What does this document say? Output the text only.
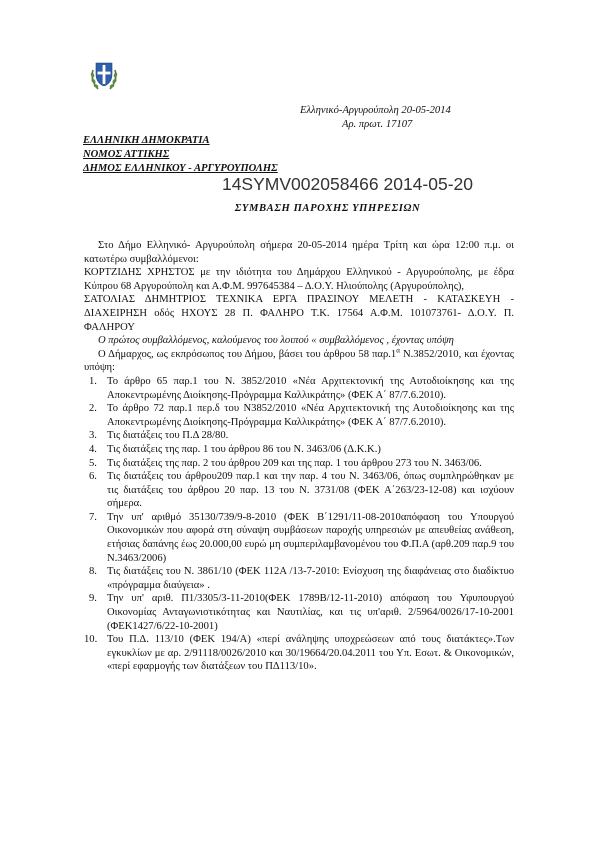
Ελληνικό-Αργυρούπολη 20-05-2014
Αρ. πρωτ. 17107
ΕΛΛΗΝΙΚΗ ΔΗΜΟΚΡΑΤΙΑ
ΝΟΜΟΣ ΑΤΤΙΚΗΣ
ΔΗΜΟΣ ΕΛΛΗΝΙΚΟΥ - ΑΡΓΥΡΟΥΠΟΛΗΣ
14SYMV002058466 2014-05-20
ΣΥΜΒΑΣΗ ΠΑΡΟΧΗΣ ΥΠΗΡΕΣΙΩΝ

Στο Δήμο Ελληνικό- Αργυρούπολη σήμερα 20-05-2014 ημέρα Τρίτη και ώρα 12:00 π.μ. οι κατωτέρω συμβαλλόμενοι:

ΚΟΡΤΖΙΔΗΣ ΧΡΗΣΤΟΣ με την ιδιότητα του Δημάρχου Ελληνικού - Αργυρούπολης, με έδρα Κύπρου 68 Αργυρούπολη και Α.Φ.Μ. 997645384 – Δ.Ο.Υ. Ηλιούπολης (Αργυρούπολης),

ΣΑΤΟΛΙΑΣ ΔΗΜΗΤΡΙΟΣ ΤΕΧΝΙΚΑ ΕΡΓΑ ΠΡΑΣΙΝΟΥ ΜΕΛΕΤΗ - ΚΑΤΑΣΚΕΥΗ - ΔΙΑΧΕΙΡΗΣΗ οδός ΗΧΟΥΣ 28 Π. ΦΑΛΗΡΟ Τ.Κ. 17564 Α.Φ.Μ. 101073761- Δ.Ο.Υ. Π. ΦΑΛΗΡΟΥ

Ο πρώτος συμβαλλόμενος, καλούμενος του λοιπού « συμβαλλόμενος , έχοντας υπόψη

Ο Δήμαρχος, ως εκπρόσωπος του Δήμου, βάσει του άρθρου 58 $\pi\alpha\rho.1^\alpha$ Ν.3852/2010, και έχοντας υπόψη:

1. Το άρθρο 65 παρ.1 του Ν. 3852/2010 «Νέα Αρχιτεκτονική της Αυτοδιοίκησης και της Αποκεντρωμένης Διοίκησης-Πρόγραμμα Καλλικράτης» (ΦΕΚ Α΄ 87/7.6.2010).
2. Το άρθρο 72 παρ.1 περ.δ του Ν3852/2010 «Νέα Αρχιτεκτονική της Αυτοδιοίκησης και της Αποκεντρωμένης Διοίκησης-Πρόγραμμα Καλλικράτης» (ΦΕΚ Α΄ 87/7.6.2010).
3. Τις διατάξεις του Π.Δ 28/80.
4. Τις διατάξεις της παρ. 1 του άρθρου 86 του Ν. 3463/06 (Δ.Κ.Κ.)
5. Τις διατάξεις της παρ. 2 του άρθρου 209 και της παρ. 1 του άρθρου 273 του Ν. 3463/06.
6. Τις διατάξεις του άρθρου209 παρ.1 και την παρ. 4 του Ν. 3463/06, όπως συμπληρώθηκαν με τις διατάξεις του άρθρου 20 παρ. 13 του Ν. 3731/08 (ΦΕΚ Α΄263/23-12-08) και ισχύουν σήμερα.
7. Την υπ' αριθμό 35130/739/9-8-2010 (ΦΕΚ Β΄1291/11-08-2010απόφαση του Υπουργού Οικονομικών που αφορά στη σύναψη συμβάσεων παροχής υπηρεσιών με απευθείας ανάθεση, ετήσιας δαπάνης έως 20.000,00 ευρώ μη συμπεριλαμβανομένου του Φ.Π.Α (αρθ.209 παρ.9 του Ν.3463/2006)
8. Τις διατάξεις του Ν. 3861/10 (ΦΕΚ 112Α /13-7-2010: Ενίσχυση της διαφάνειας στο διαδίκτυο «πρόγραμμα διαύγεια» .
9. Την υπ' αριθ. Π1/3305/3-11-2010(ΦΕΚ 1789Β/12-11-2010) απόφαση του Υφυπουργού Οικονομίας Ανταγωνιστικότητας και Ναυτιλίας, και τις υπ'αριθ. 2/5964/0026/17-10-2001 (ΦΕΚ1427/6/22-10-2001)
10. Του Π.Δ. 113/10 (ΦΕΚ 194/Α) «περί ανάληψης υποχρεώσεων από τους διατάκτες».Των εγκυκλίων με αρ. 2/91118/0026/2010 και 30/19664/20.04.2011 του Υπ. Εσωτ. & Οικονομικών, «περί εφαρμογής των διατάξεων του ΠΔ113/10».
